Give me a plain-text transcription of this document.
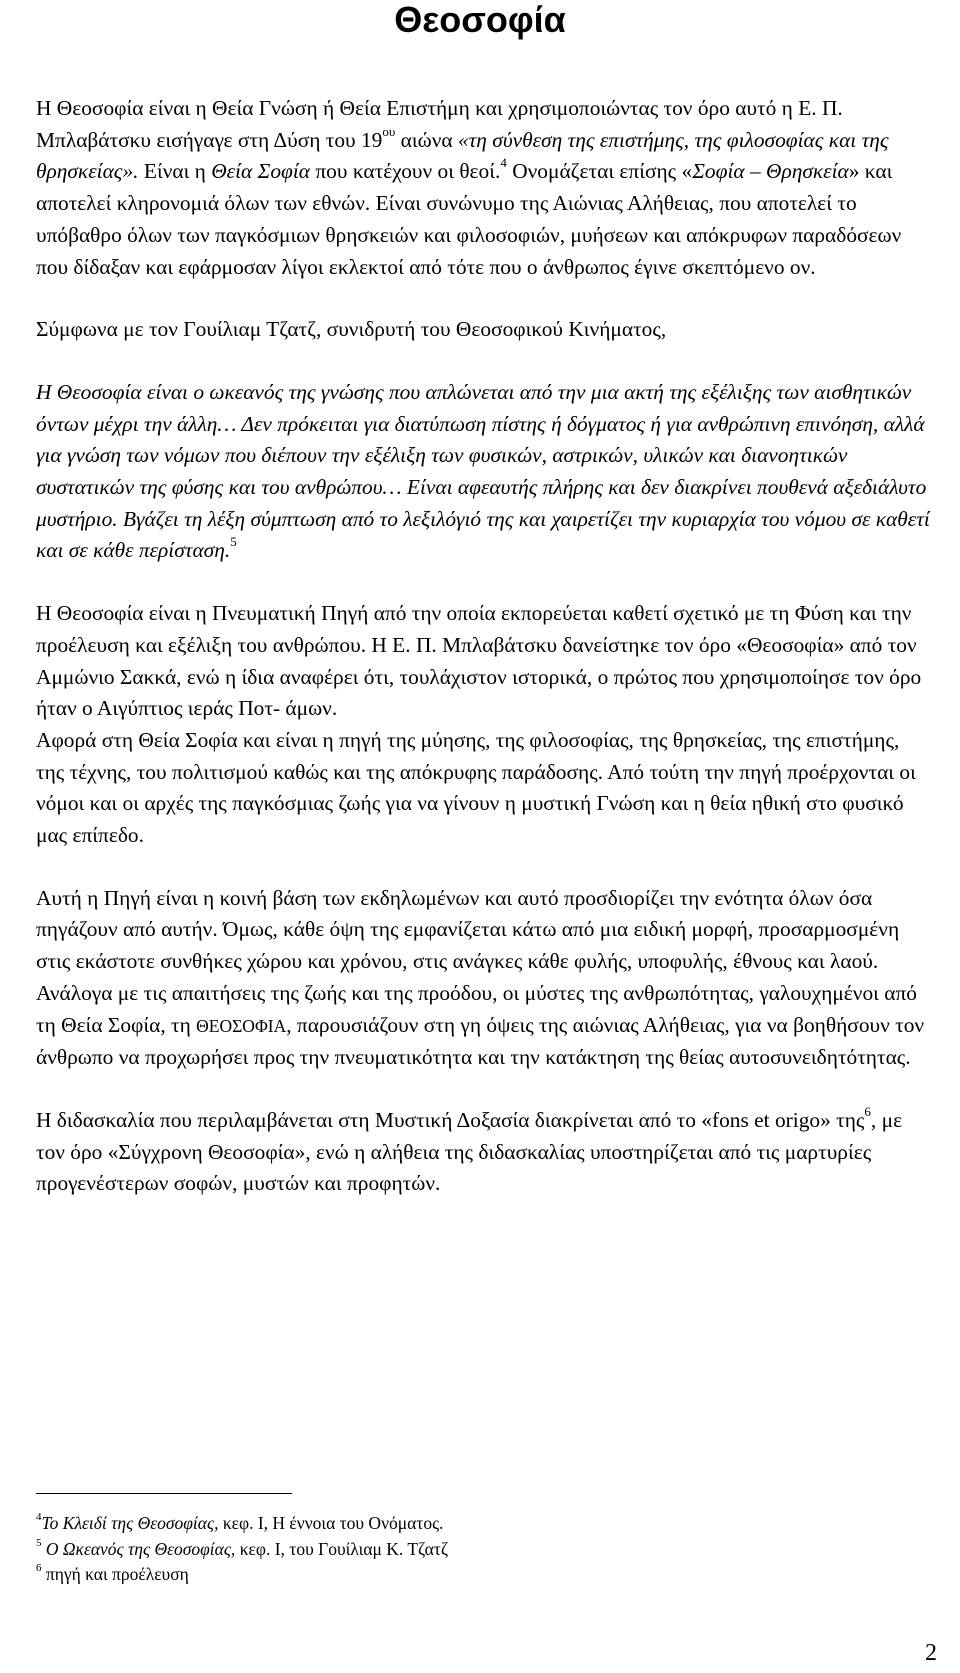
Θεοσοφία

Η Θεοσοφία είναι η Θεία Γνώση ή Θεία Επιστήμη και χρησιμοποιώντας τον όρο αυτό η Ε. Π. Μπλαβάτσκυ εισήγαγε στη Δύση του $19^{o\upsilon}$ αιώνα «τη σύνθεση της επιστήμης, της φιλοσοφίας και της θρησκείας». Είναι η Θεία Σοφία που κατέχουν οι θεοί.$^4$ Ονομάζεται επίσης «Σοφία – Θρησκεία» και αποτελεί κληρονομιά όλων των εθνών. Είναι συνώνυμο της Αιώνιας Αλήθειας, που αποτελεί το υπόβαθρο όλων των παγκόσμιων θρησκειών και φιλοσοφιών, μυήσεων και απόκρυφων παραδόσεων που δίδαξαν και εφάρμοσαν λίγοι εκλεκτοί από τότε που ο άνθρωπος έγινε σκεπτόμενο ον.

Σύμφωνα με τον Γουίλιαμ Τζατζ, συνιδρυτή του Θεοσοφικού Κινήματος,

Η Θεοσοφία είναι ο ωκεανός της γνώσης που απλώνεται από την μια ακτή της εξέλιξης των αισθητικών όντων μέχρι την άλλη… Δεν πρόκειται για διατύπωση πίστης ή δόγματος ή για ανθρώπινη επινόηση, αλλά για γνώση των νόμων που διέπουν την εξέλιξη των φυσικών, αστρικών, υλικών και διανοητικών συστατικών της φύσης και του ανθρώπου… Είναι αφεαυτής πλήρης και δεν διακρίνει πουθενά αξεδιάλυτο μυστήριο. Βγάζει τη λέξη σύμπτωση από το λεξιλόγιό της και χαιρετίζει την κυριαρχία του νόμου σε καθετί και σε κάθε περίσταση.$^5$

Η Θεοσοφία είναι η Πνευματική Πηγή από την οποία εκπορεύεται καθετί σχετικό με τη Φύση και την προέλευση και εξέλιξη του ανθρώπου. Η Ε. Π. Μπλαβάτσκυ δανείστηκε τον όρο «Θεοσοφία» από τον Αμμώνιο Σακκά, ενώ η ίδια αναφέρει ότι, τουλάχιστον ιστορικά, ο πρώτος που χρησιμοποίησε τον όρο ήταν ο Αιγύπτιος ιεράς Ποτ- άμων.

Αφορά στη Θεία Σοφία και είναι η πηγή της μύησης, της φιλοσοφίας, της θρησκείας, της επιστήμης, της τέχνης, του πολιτισμού καθώς και της απόκρυφης παράδοσης. Από τούτη την πηγή προέρχονται οι νόμοι και οι αρχές της παγκόσμιας ζωής για να γίνουν η μυστική Γνώση και η θεία ηθική στο φυσικό μας επίπεδο.

Αυτή η Πηγή είναι η κοινή βάση των εκδηλωμένων και αυτό προσδιορίζει την ενότητα όλων όσα πηγάζουν από αυτήν. Όμως, κάθε όψη της εμφανίζεται κάτω από μια ειδική μορφή, προσαρμοσμένη στις εκάστοτε συνθήκες χώρου και χρόνου, στις ανάγκες κάθε φυλής, υποφυλής, έθνους και λαού. Ανάλογα με τις απαιτήσεις της ζωής και της προόδου, οι μύστες της ανθρωπότητας, γαλουχημένοι από τη Θεία Σοφία, τη ΘΕΟΣΟΦΙΑ, παρουσιάζουν στη γη όψεις της αιώνιας Αλήθειας, για να βοηθήσουν τον άνθρωπο να προχωρήσει προς την πνευματικότητα και την κατάκτηση της θείας αυτοσυνειδητότητας.

Η διδασκαλία που περιλαμβάνεται στη Μυστική Δοξασία διακρίνεται από το «fons et origo» της$^6$, με τον όρο «Σύγχρονη Θεοσοφία», ενώ η αλήθεια της διδασκαλίας υποστηρίζεται από τις μαρτυρίες προγενέστερων σοφών, μυστών και προφητών.

$^4$Το Κλειδί της Θεοσοφίας, κεφ. Ι, Η έννοια του Ονόματος.

$^5$ Ο Ωκεανός της Θεοσοφίας, κεφ. Ι, του Γουίλιαμ Κ. Τζατζ

$^6$ πηγή και προέλευση

2
